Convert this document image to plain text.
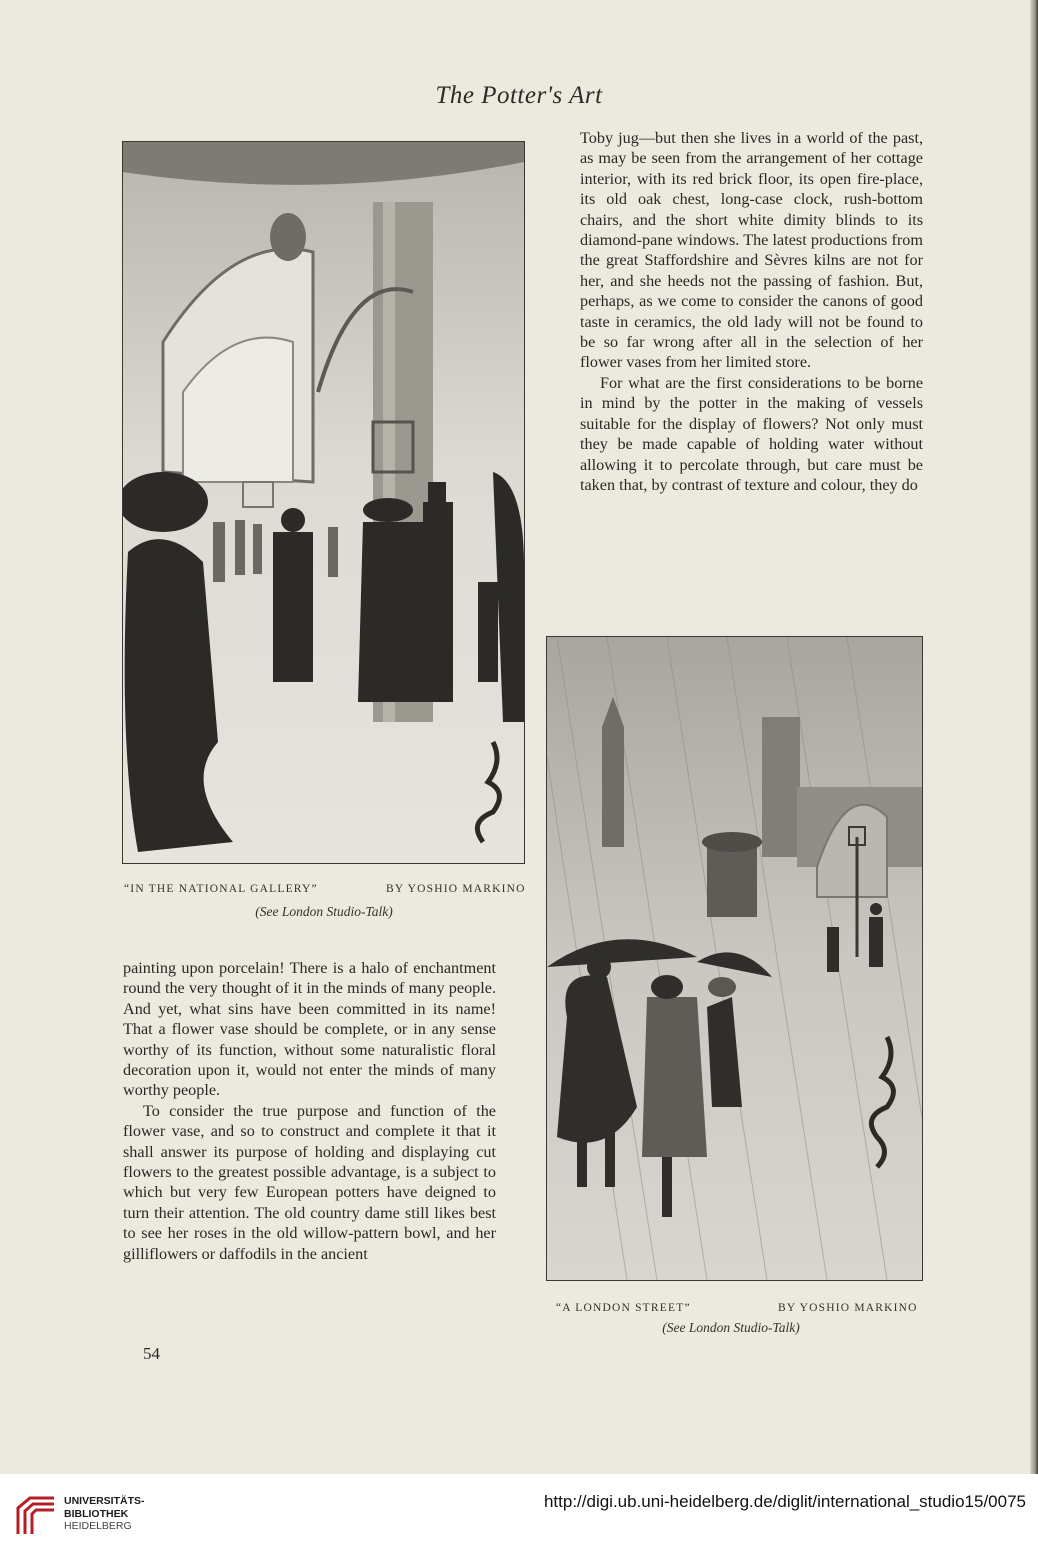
The Potter's Art

Toby jug—but then she lives in a world of the past, as may be seen from the arrangement of her cottage interior, with its red brick floor, its open fire-place, its old oak chest, long-case clock, rush-bottom chairs, and the short white dimity blinds to its diamond-pane windows. The latest productions from the great Staffordshire and Sèvres kilns are not for her, and she heeds not the passing of fashion. But, perhaps, as we come to consider the canons of good taste in ceramics, the old lady will not be found to be so far wrong after all in the selection of her flower vases from her limited store.

For what are the first considerations to be borne in mind by the potter in the making of vessels suitable for the display of flowers? Not only must they be made capable of holding water without allowing it to percolate through, but care must be taken that, by contrast of texture and colour, they do

“IN THE NATIONAL GALLERY”	BY YOSHIO MARKINO
(See London Studio-Talk)

painting upon porcelain! There is a halo of enchantment round the very thought of it in the minds of many people. And yet, what sins have been committed in its name! That a flower vase should be complete, or in any sense worthy of its function, without some naturalistic floral decoration upon it, would not enter the minds of many worthy people.

To consider the true purpose and function of the flower vase, and so to construct and complete it that it shall answer its purpose of holding and displaying cut flowers to the greatest possible advantage, is a subject to which but very few European potters have deigned to turn their attention. The old country dame still likes best to see her roses in the old willow-pattern bowl, and her gilliflowers or daffodils in the ancient

“A LONDON STREET”	BY YOSHIO MARKINO
(See London Studio-Talk)
54
UNIVERSITÄTS-
BIBLIOTHEK
HEIDELBERG
http://digi.ub.uni-heidelberg.de/diglit/international_studio15/0075
